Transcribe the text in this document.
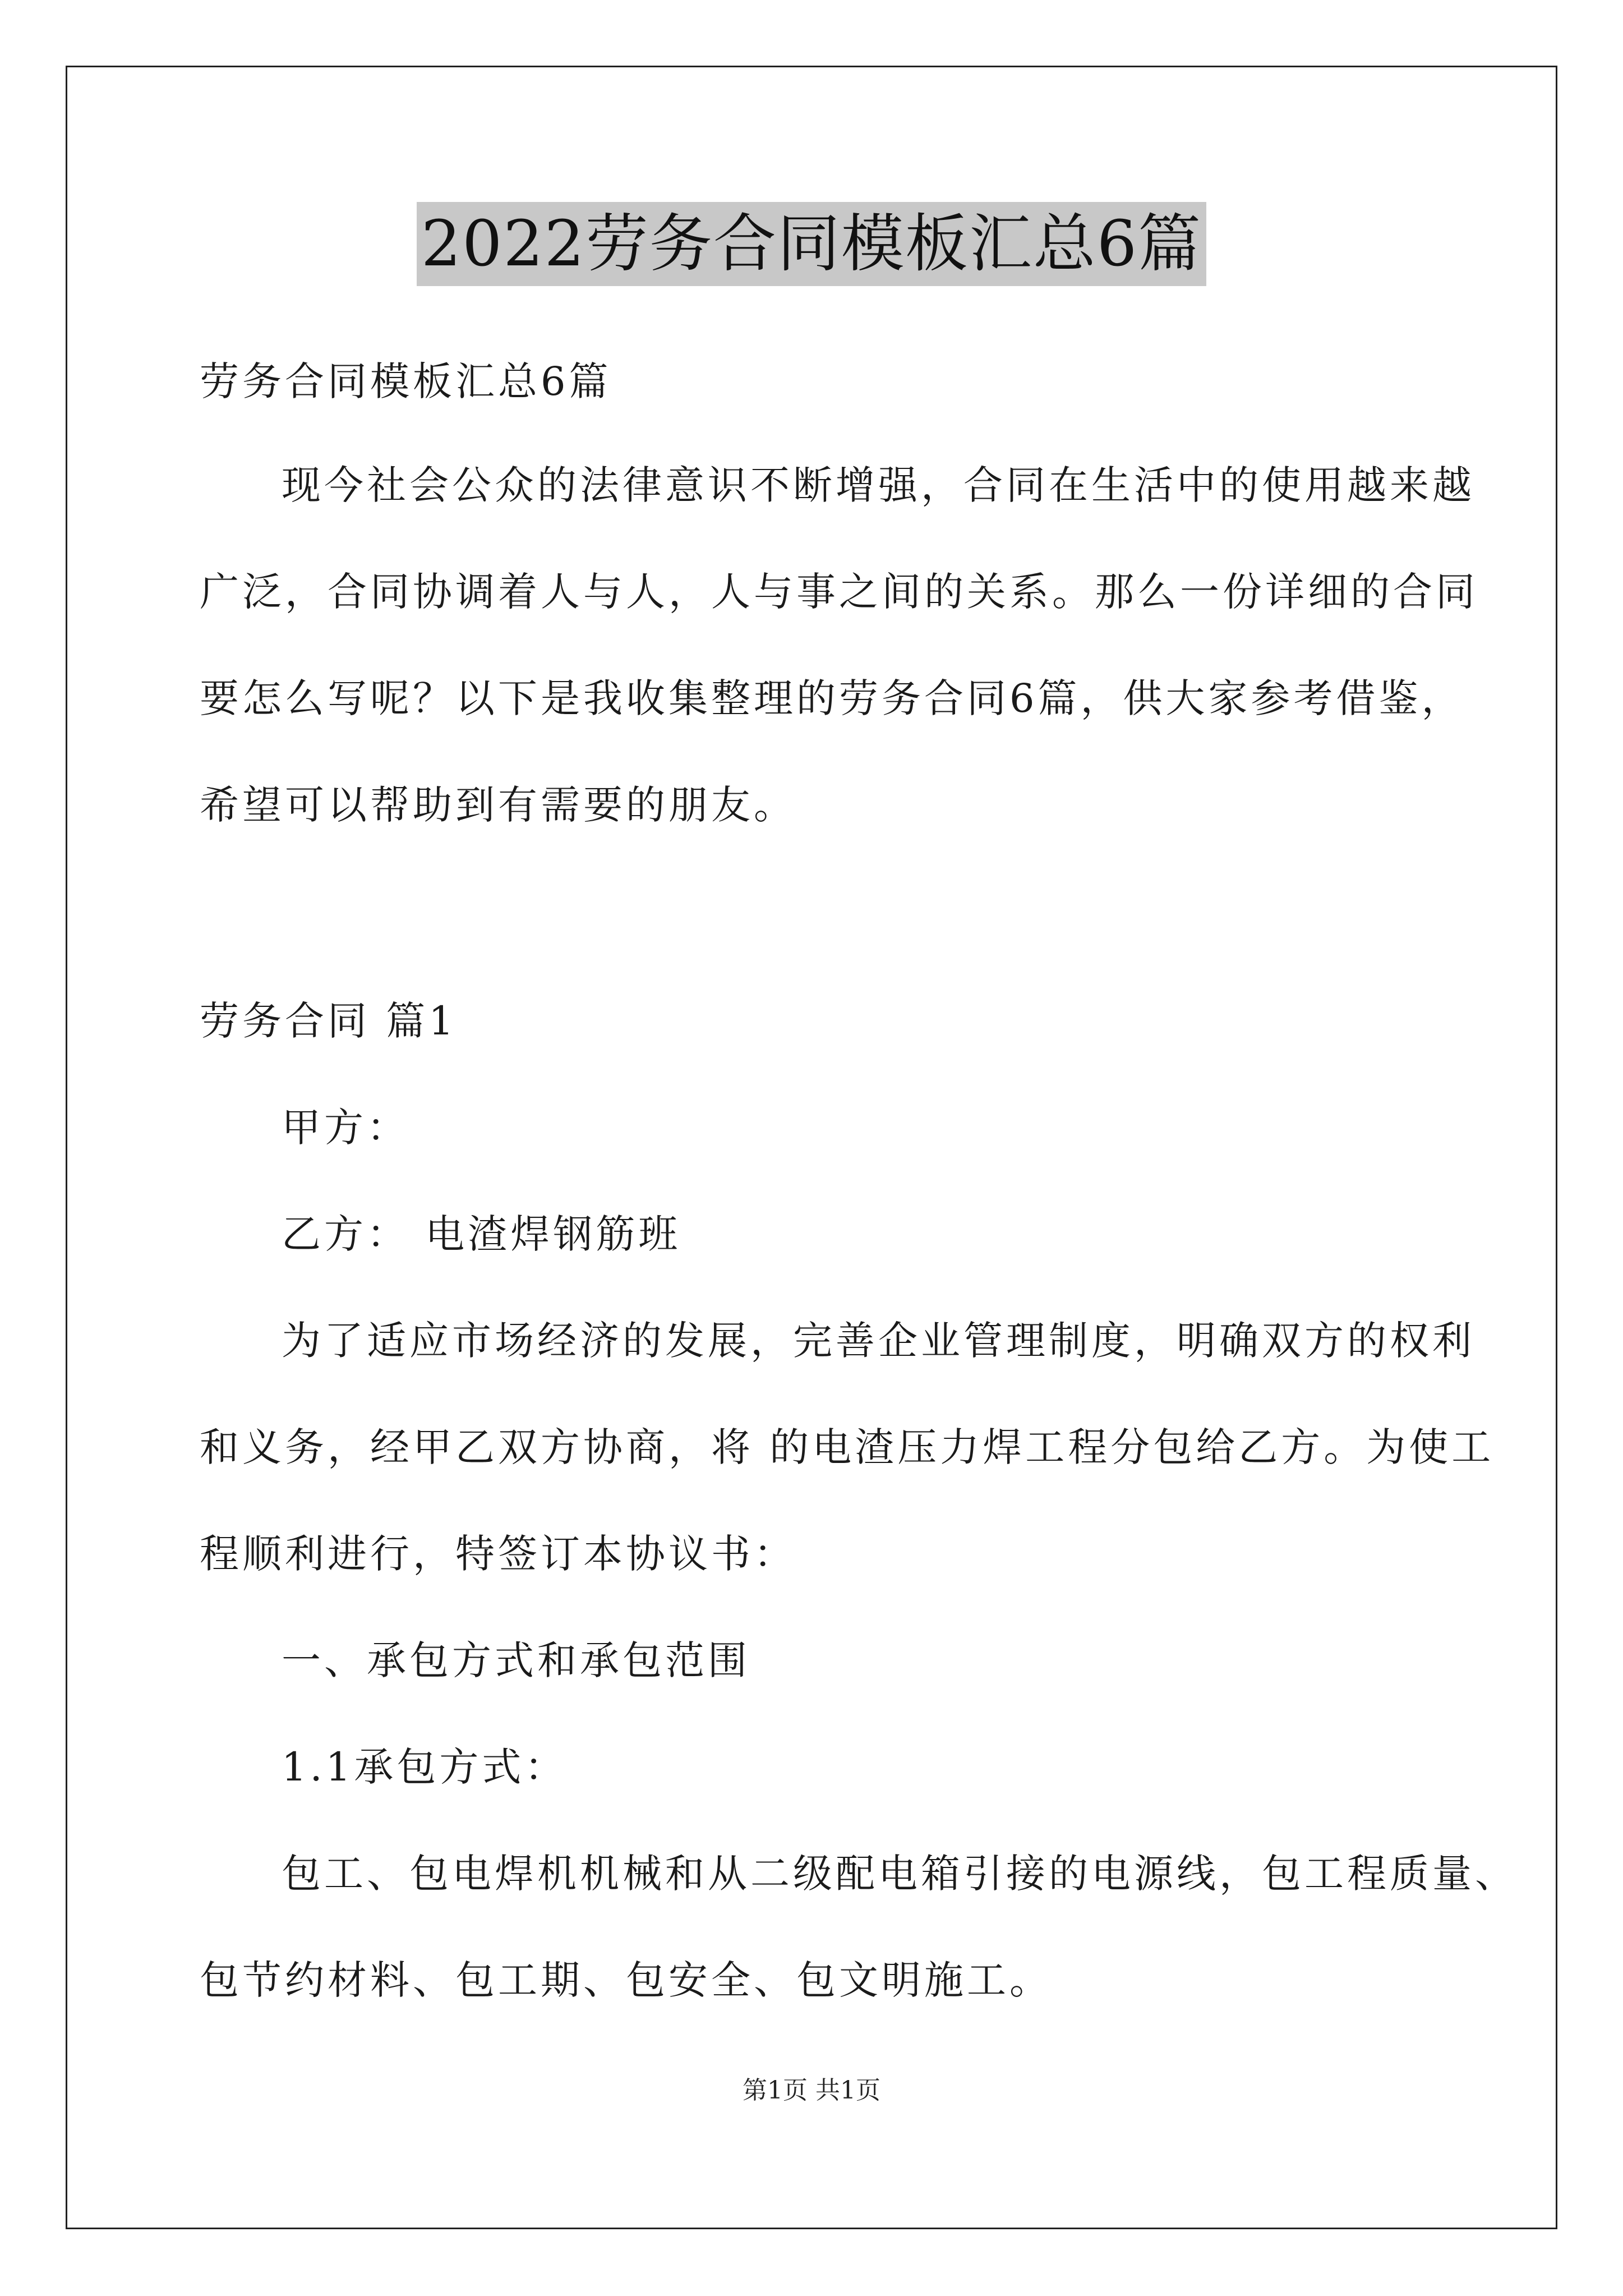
2022劳务合同模板汇总6篇
劳务合同模板汇总6篇
现今社会公众的法律意识不断增强，合同在生活中的使用越来越
广泛，合同协调着人与人，人与事之间的关系。那么一份详细的合同
要怎么写呢？以下是我收集整理的劳务合同6篇，供大家参考借鉴，
希望可以帮助到有需要的朋友。
劳务合同 篇1
甲方：
乙方： 电渣焊钢筋班
为了适应市场经济的发展，完善企业管理制度，明确双方的权利
和义务，经甲乙双方协商，将 的电渣压力焊工程分包给乙方。为使工
程顺利进行，特签订本协议书：
一、承包方式和承包范围
1.1承包方式：
包工、包电焊机机械和从二级配电箱引接的电源线，包工程质量、
包节约材料、包工期、包安全、包文明施工。
第1页 共1页
